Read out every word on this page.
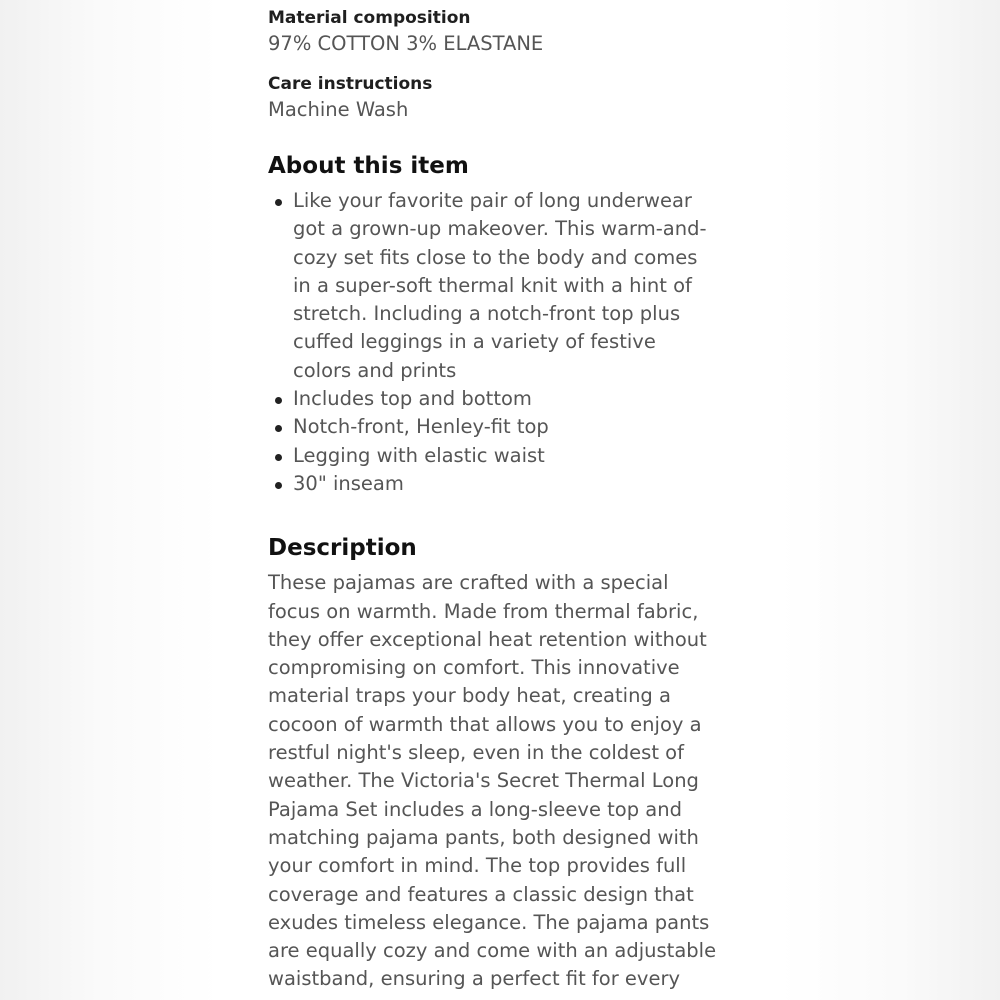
Material composition

97% COTTON 3% ELASTANE

Care instructions

Machine Wash

About this item
Like your favorite pair of long underwear
got a grown-up makeover. This warm-and-
cozy set fits close to the body and comes
in a super-soft thermal knit with a hint of
stretch. Including a notch-front top plus
cuffed leggings in a variety of festive
colors and prints
Includes top and bottom
Notch-front, Henley-fit top
Legging with elastic waist
30" inseam
Description

These pajamas are crafted with a special

focus on warmth. Made from thermal fabric,

they offer exceptional heat retention without

compromising on comfort. This innovative

material traps your body heat, creating a

cocoon of warmth that allows you to enjoy a

restful night's sleep, even in the coldest of

weather. The Victoria's Secret Thermal Long

Pajama Set includes a long-sleeve top and

matching pajama pants, both designed with

your comfort in mind. The top provides full

coverage and features a classic design that

exudes timeless elegance. The pajama pants

are equally cozy and come with an adjustable

waistband, ensuring a perfect fit for every
